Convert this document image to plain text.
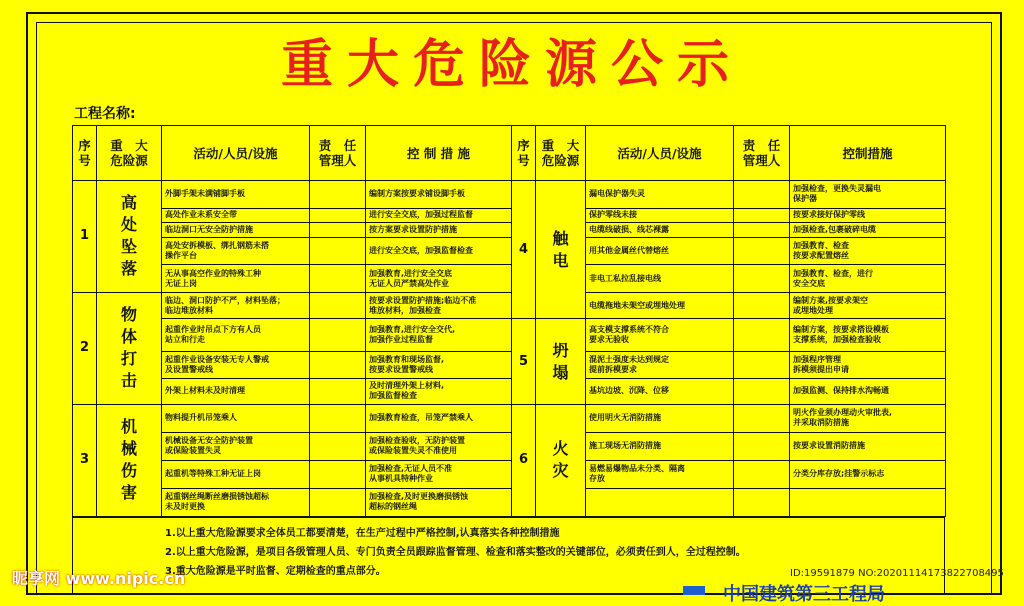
重大危险源公示
工程名称:
序
号	重　大
危险源	活动/人员/设施	责　任
管理人	控 制 措 施	序
号	重　大
危险源	活动/人员/设施	责　任
管理人	控制措施
1	高处坠落	外脚手架未满铺脚手板		编制方案按要求铺设脚手板	4	触电	漏电保护器失灵		加强检查，更换失灵漏电
保护器
		高处作业未系安全带		进行安全交底，加强过程监督			保护零线未接		按要求接好保护零线
		临边洞口无安全防护措施		按方案要求设置防护措施			电缆线破损、线芯裸露		加强检查,包裹破碎电缆
		高处安拆模板、绑扎钢筋未搭
操作平台		进行安全交底，加强监督检查			用其他金属丝代替熔丝		加强教育、检查
按要求配置熔丝
		无从事高空作业的特殊工种
无证上岗		加强教育,进行安全交底
无证人员严禁高处作业			非电工私拉乱接电线		加强教育、检查，进行
安全交底
2	物体打击	临边、洞口防护不严，材料坠落；
临边堆放材料		按要求设置防护措施;临边不准
堆放材料，加强检查			电缆拖地未架空或埋地处理		编制方案,按要求架空
或埋地处理
		起重作业时吊点下方有人员
站立和行走		加强教育,进行安全交代,
加强作业过程监督	5	坍塌	高支模支撑系统不符合
要求无验收		编制方案，按要求搭设模板
支撑系统，加强检查验收
		起重作业设备安装无专人警戒
及设置警戒线		加强教育和现场监督,
按要求设置警戒线			混泥土强度未达到规定
提前拆模要求		加强程序管理
拆模须提出申请
		外架上材料未及时清理		及时清理外架上材料,
加强监督检查			基坑边坡、沉降、位移		加强监测、保持排水沟畅通
3	机械伤害	物料提升机吊笼乘人		加强教育检查，吊笼严禁乘人	6	火灾	使用明火无消防措施		明火作业须办理动火审批表,
并采取消防措施
		机械设备无安全防护装置
或保险装置失灵		加强检查验收，无防护装置
或保险装置失灵不准使用			施工现场无消防措施		按要求设置消防措施
		起重机等特殊工种无证上岗		加强检查,无证人员不准
从事机具特种作业			易燃易爆物品未分类、隔离
存放		分类分库存放;挂警示标志
		起重钢丝绳断丝磨损锈蚀超标
未及时更换		加强检查,及时更换磨损锈蚀
超标的钢丝绳					
1.以上重大危险源要求全体员工都要清楚，在生产过程中严格控制,认真落实各种控制措施
2.以上重大危险源，是项目各级管理人员、专门负责全员跟踪监督管理、检查和落实整改的关键部位，必须责任到人，全过程控制。
3.重大危险源是平时监督、定期检查的重点部分。
昵享网 www.nipic.cn	ID:19591879 NO:20201114173822708495
中国建筑第三工程局
